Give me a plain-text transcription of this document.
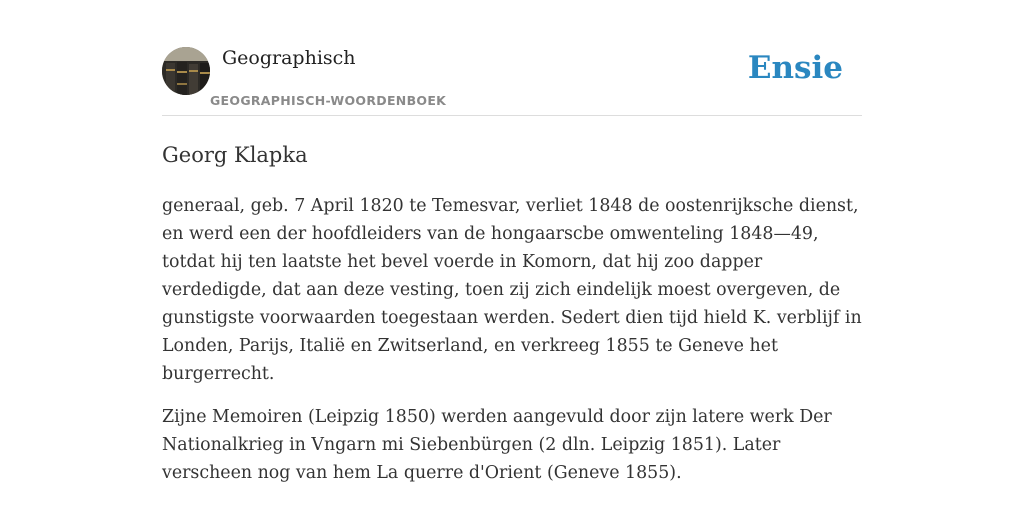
Geographisch
GEOGRAPHISCH-WOORDENBOEK
Ensie
Georg Klapka

generaal, geb. 7 April 1820 te Temesvar, verliet 1848 de oostenrijksche dienst, en werd een der hoofdleiders van de hongaarscbe omwenteling 1848—49, totdat hij ten laatste het bevel voerde in Komorn, dat hij zoo dapper verdedigde, dat aan deze vesting, toen zij zich eindelijk moest overgeven, de gunstigste voorwaarden toegestaan werden. Sedert dien tijd hield K. verblijf in Londen, Parijs, Italië en Zwitserland, en verkreeg 1855 te Geneve het burgerrecht.

Zijne Memoiren (Leipzig 1850) werden aangevuld door zijn latere werk Der Nationalkrieg in Vngarn mi Siebenbürgen (2 dln. Leipzig 1851). Later verscheen nog van hem La querre d'Orient (Geneve 1855).
